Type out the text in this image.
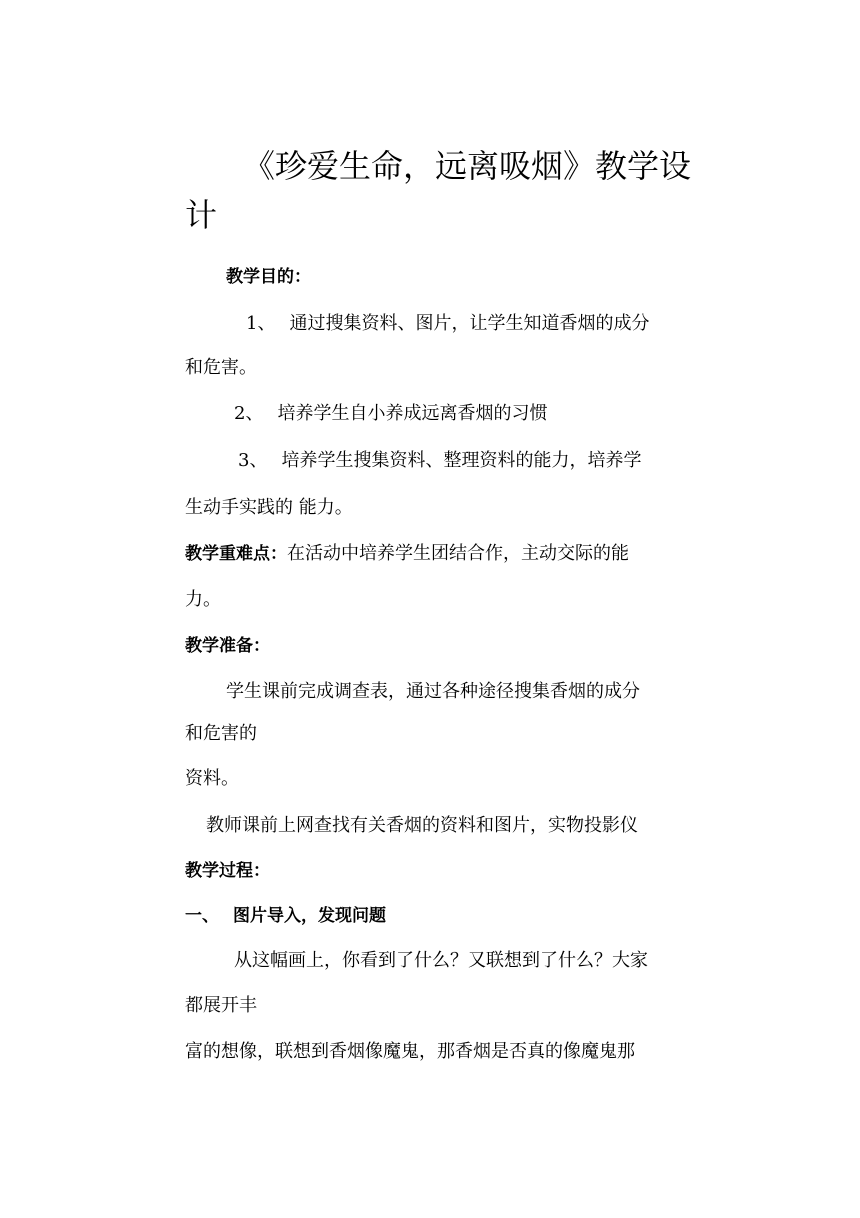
《珍爱生命，远离吸烟》教学设
计
教学目的：
1、 通过搜集资料、图片，让学生知道香烟的成分
和危害。
2、 培养学生自小养成远离香烟的习惯
3、 培养学生搜集资料、整理资料的能力，培养学
生动手实践的 能力。
教学重难点：在活动中培养学生团结合作，主动交际的能
力。
教学准备：
学生课前完成调查表，通过各种途径搜集香烟的成分
和危害的
资料。
教师课前上网查找有关香烟的资料和图片，实物投影仪
教学过程：
一、 图片导入，发现问题
从这幅画上，你看到了什么？又联想到了什么？大家
都展开丰
富的想像，联想到香烟像魔鬼，那香烟是否真的像魔鬼那
